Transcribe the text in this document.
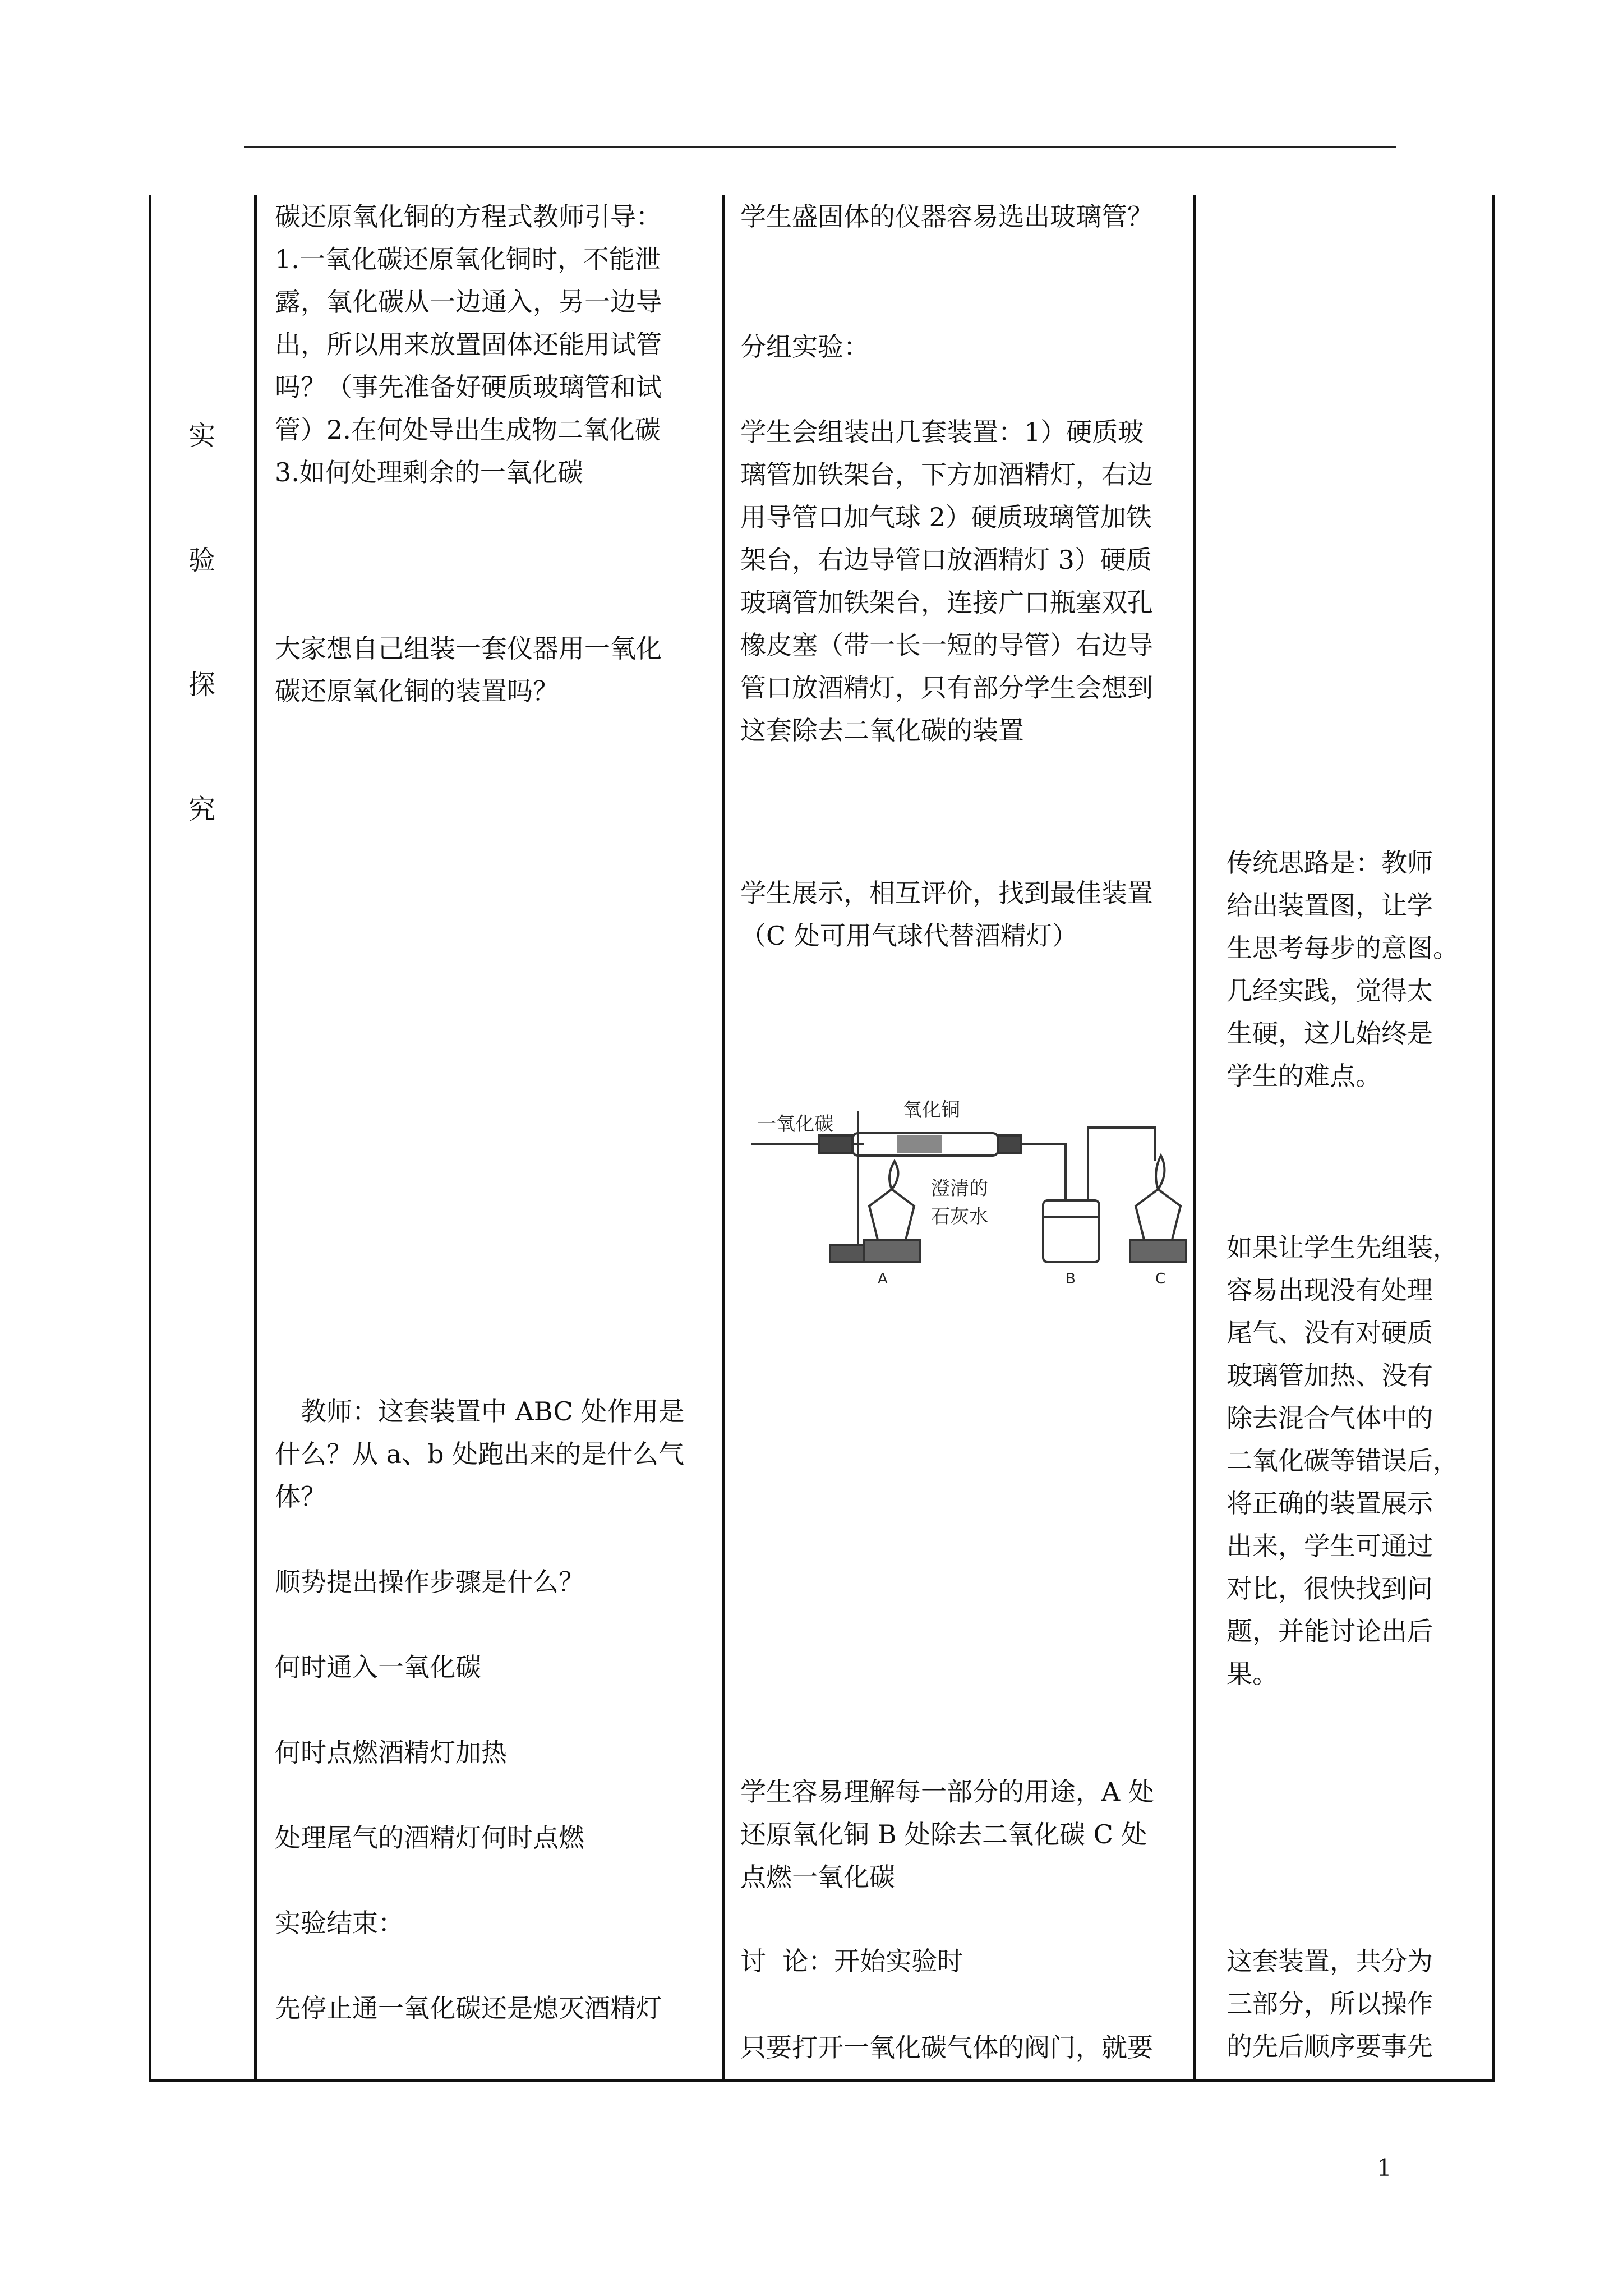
实
验
探
究

碳还原氧化铜的方程式教师引导：

1.一氧化碳还原氧化铜时，不能泄

露，氧化碳从一边通入，另一边导

出，所以用来放置固体还能用试管

吗？（事先准备好硬质玻璃管和试

管）2.在何处导出生成物二氧化碳

3.如何处理剩余的一氧化碳

大家想自己组装一套仪器用一氧化

碳还原氧化铜的装置吗？

　教师：这套装置中 ABC 处作用是

什么？从 a、b 处跑出来的是什么气

体？

顺势提出操作步骤是什么？

何时通入一氧化碳

何时点燃酒精灯加热

处理尾气的酒精灯何时点燃

实验结束：

先停止通一氧化碳还是熄灭酒精灯

学生盛固体的仪器容易选出玻璃管？

分组实验：

学生会组装出几套装置：1）硬质玻

璃管加铁架台，下方加酒精灯，右边

用导管口加气球 2）硬质玻璃管加铁

架台，右边导管口放酒精灯 3）硬质

玻璃管加铁架台，连接广口瓶塞双孔

橡皮塞（带一长一短的导管）右边导

管口放酒精灯，只有部分学生会想到

这套除去二氧化碳的装置

学生展示，相互评价，找到最佳装置

（C 处可用气球代替酒精灯）

学生容易理解每一部分的用途，A 处

还原氧化铜 B 处除去二氧化碳 C 处

点燃一氧化碳

讨  论：开始实验时

只要打开一氧化碳气体的阀门，就要

传统思路是：教师

给出装置图，让学

生思考每步的意图。

几经实践，觉得太

生硬，这儿始终是

学生的难点。

如果让学生先组装，

容易出现没有处理

尾气、没有对硬质

玻璃管加热、没有

除去混合气体中的

二氧化碳等错误后，

将正确的装置展示

出来，学生可通过

对比，很快找到问

题，并能讨论出后

果。

这套装置，共分为

三部分，所以操作

的先后顺序要事先

一氧化碳
氧化铜
澄清的
石灰水
A	B	C
1
